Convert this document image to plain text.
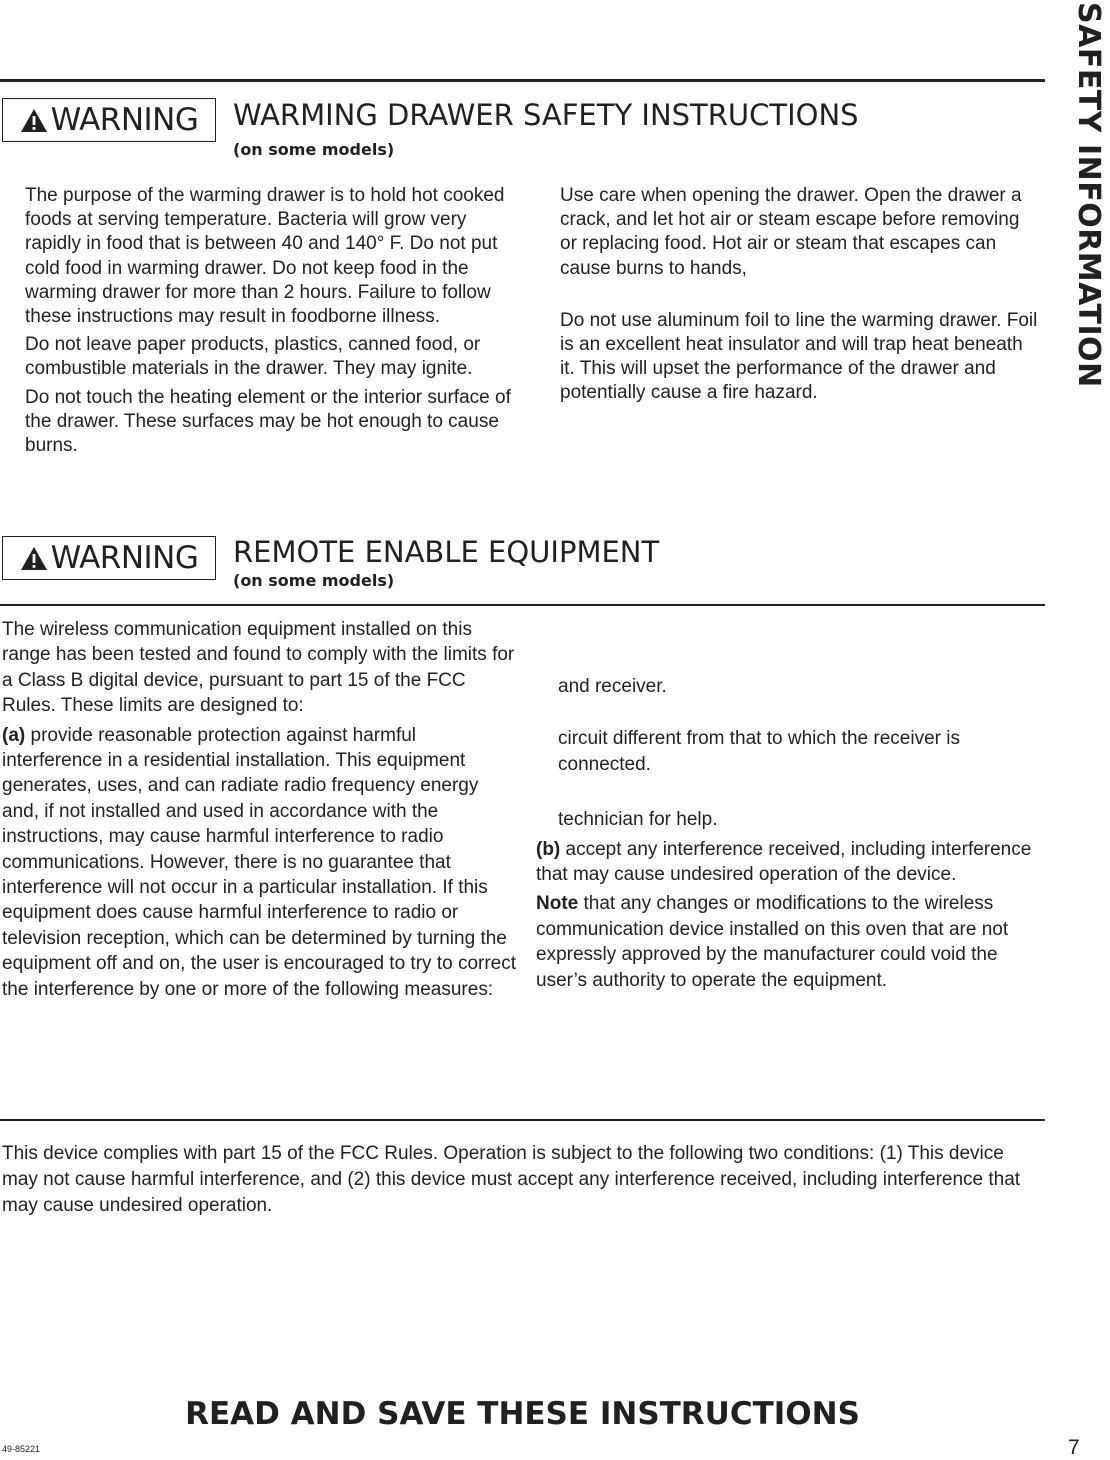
SAFETY INFORMATION
WARNING WARMING DRAWER SAFETY INSTRUCTIONS
(on some models)

The purpose of the warming drawer is to hold hot cooked foods at serving temperature. Bacteria will grow very rapidly in food that is between 40 and 140° F. Do not put cold food in warming drawer. Do not keep food in the warming drawer for more than 2 hours. Failure to follow these instructions may result in foodborne illness.

Do not leave paper products, plastics, canned food, or combustible materials in the drawer. They may ignite.

Do not touch the heating element or the interior surface of the drawer. These surfaces may be hot enough to cause burns.

Use care when opening the drawer. Open the drawer a crack, and let hot air or steam escape before removing or replacing food. Hot air or steam that escapes can cause burns to hands,

Do not use aluminum foil to line the warming drawer. Foil is an excellent heat insulator and will trap heat beneath it. This will upset the performance of the drawer and potentially cause a fire hazard.

WARNING REMOTE ENABLE EQUIPMENT
(on some models)

The wireless communication equipment installed on this range has been tested and found to comply with the limits for a Class B digital device, pursuant to part 15 of the FCC Rules. These limits are designed to:

(a) provide reasonable protection against harmful interference in a residential installation. This equipment generates, uses, and can radiate radio frequency energy and, if not installed and used in accordance with the instructions, may cause harmful interference to radio communications. However, there is no guarantee that interference will not occur in a particular installation. If this equipment does cause harmful interference to radio or television reception, which can be determined by turning the equipment off and on, the user is encouraged to try to correct the interference by one or more of the following measures:

and receiver.

circuit different from that to which the receiver is connected.

technician for help.

(b) accept any interference received, including interference that may cause undesired operation of the device.

Note that any changes or modifications to the wireless communication device installed on this oven that are not expressly approved by the manufacturer could void the user’s authority to operate the equipment.

This device complies with part 15 of the FCC Rules. Operation is subject to the following two conditions: (1) This device may not cause harmful interference, and (2) this device must accept any interference received, including interference that may cause undesired operation.
READ AND SAVE THESE INSTRUCTIONS
49-85221	7
